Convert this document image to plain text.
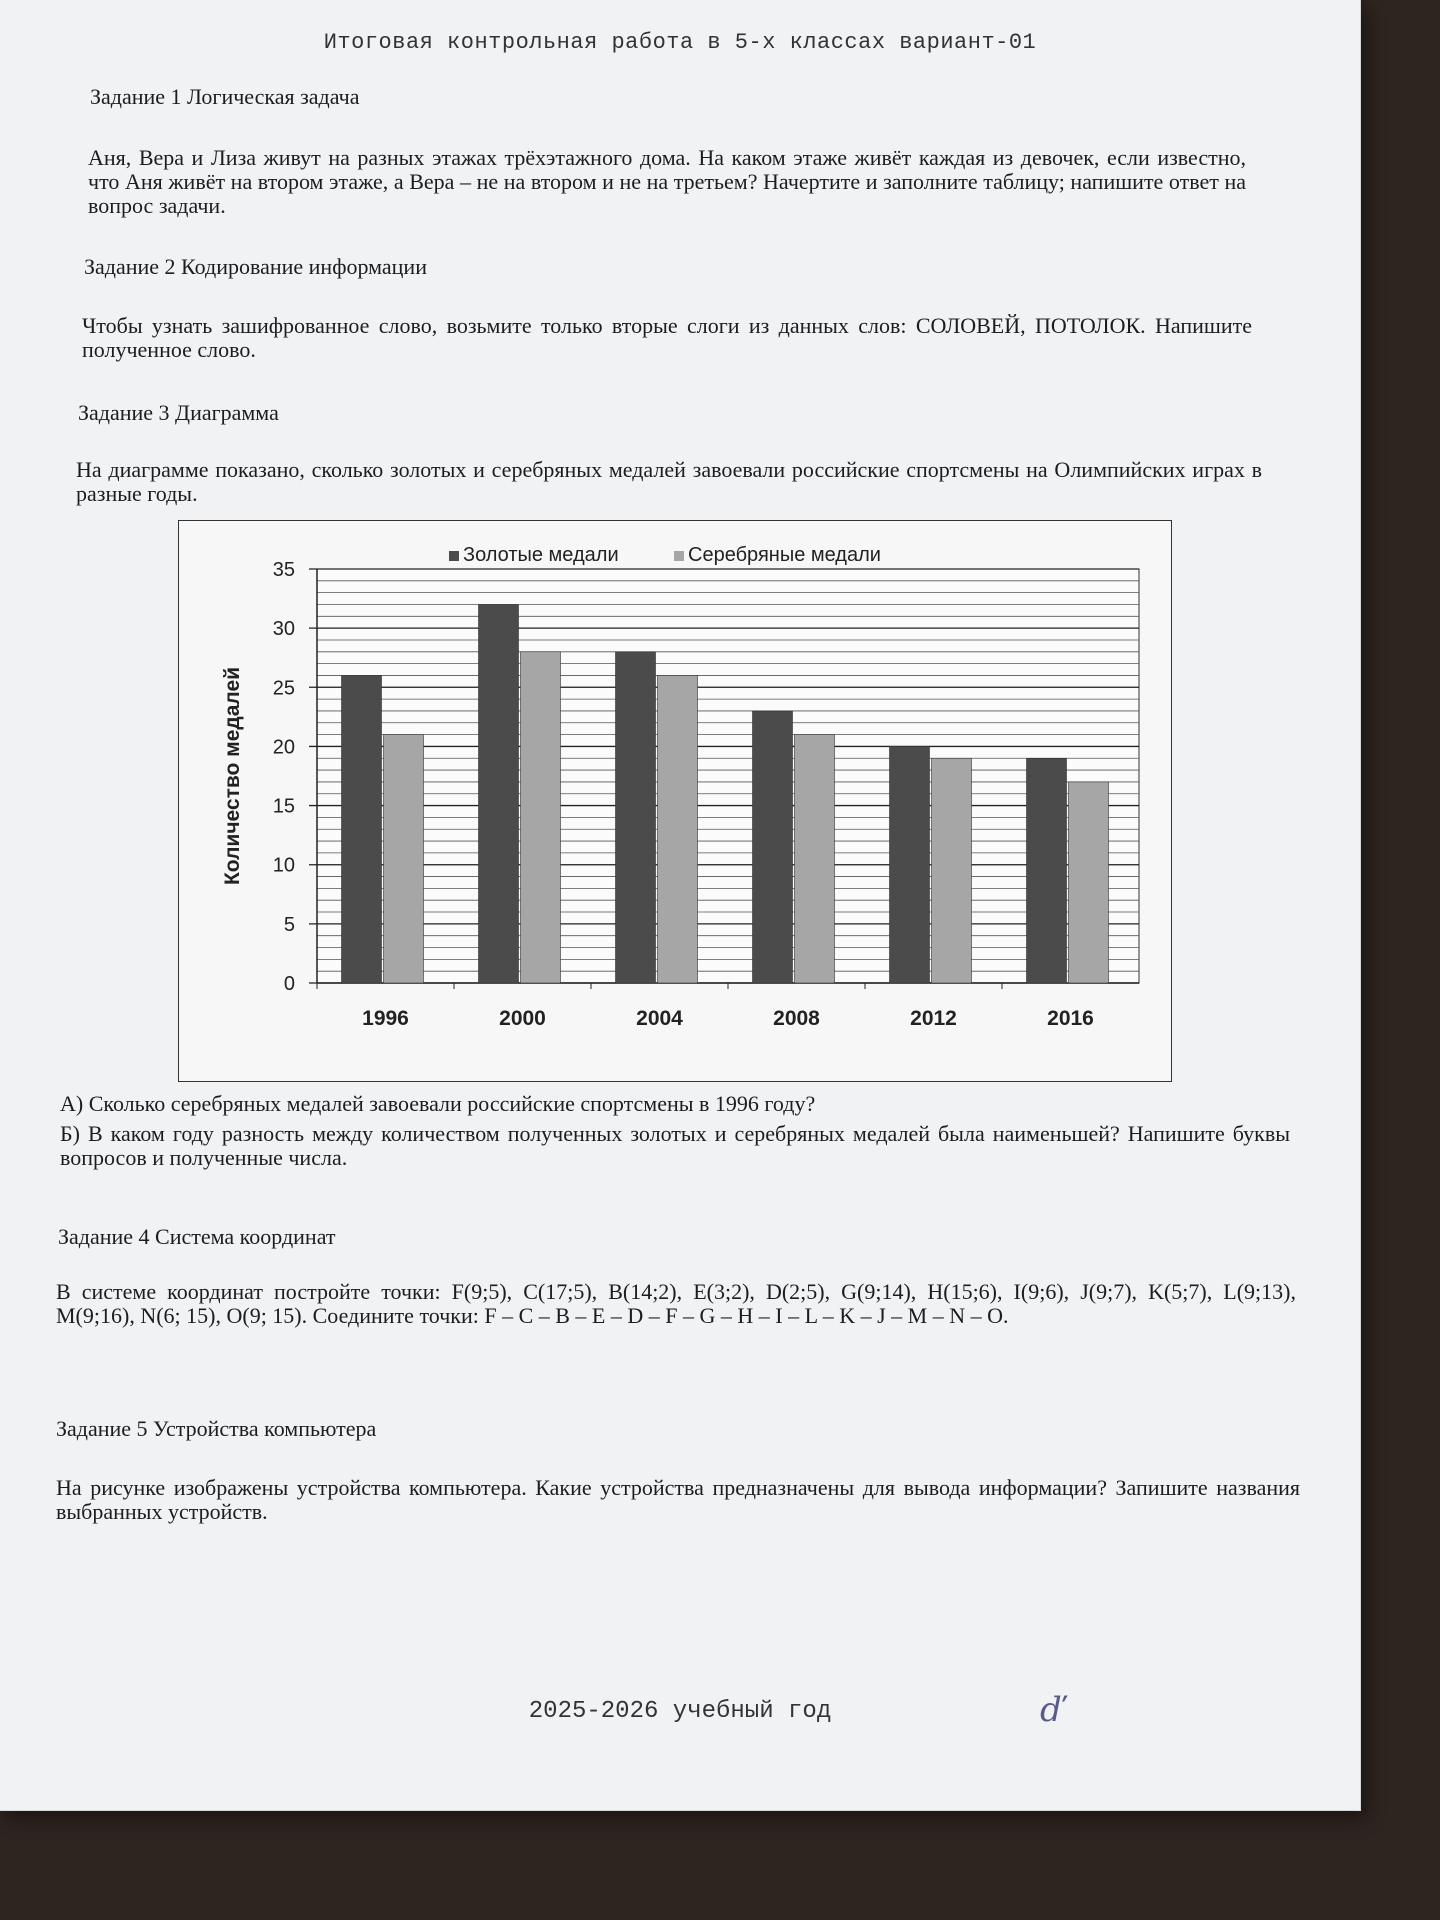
Итоговая контрольная работа в 5-х классах вариант-01
Задание 1 Логическая задача
Аня, Вера и Лиза живут на разных этажах трёхэтажного дома. На каком этаже живёт каждая из девочек, если известно, что Аня живёт на втором этаже, а Вера – не на втором и не на третьем? Начертите и заполните таблицу; напишите ответ на вопрос задачи.
Задание 2 Кодирование информации
Чтобы узнать зашифрованное слово, возьмите только вторые слоги из данных слов: СОЛОВЕЙ, ПОТОЛОК. Напишите полученное слово.
Задание 3 Диаграмма
На диаграмме показано, сколько золотых и серебряных медалей завоевали российские спортсмены на Олимпийских играх в разные годы.
0
5
10
15
20
25
30
35
1996	2000	2004	2008	2012	2016
Количество медалей
Золотые медали	Серебряные медали
А) Сколько серебряных медалей завоевали российские спортсмены в 1996 году?
Б) В каком году разность между количеством полученных золотых и серебряных медалей была наименьшей? Напишите буквы вопросов и полученные числа.
Задание 4 Система координат
В системе координат постройте точки: F(9;5), C(17;5), B(14;2), E(3;2), D(2;5), G(9;14), H(15;6), I(9;6), J(9;7), K(5;7), L(9;13), M(9;16), N(6; 15), O(9; 15). Соедините точки: F – C – B – E – D – F – G – H – I – L – K – J – M – N – O.
Задание 5 Устройства компьютера
На рисунке изображены устройства компьютера. Какие устройства предназначены для вывода информации? Запишите названия выбранных устройств.
2025-2026 учебный год	ď
